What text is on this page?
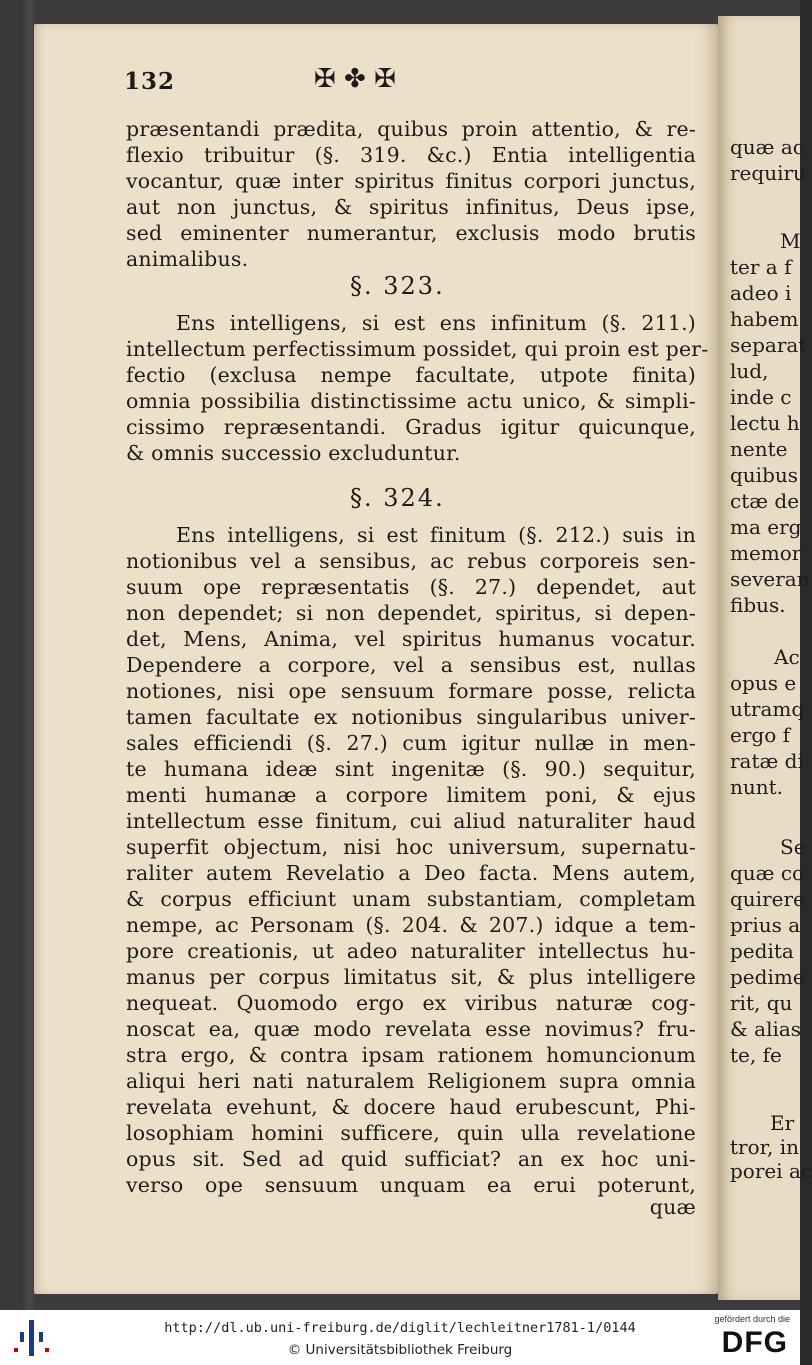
132	✠ ✤ ✠
præsentandi prædita, quibus proin attentio, & re-
flexio tribuitur (§. 319. &c.) Entia intelligentia
vocantur, quæ inter spiritus finitus corpori junctus,
aut non junctus, & spiritus infinitus, Deus ipse,
sed eminenter numerantur, exclusis modo brutis
animalibus.
§. 323.
Ens intelligens, si est ens infinitum (§. 211.)
intellectum perfectissimum possidet, qui proin est per-
fectio (exclusa nempe facultate, utpote finita)
omnia possibilia distinctissime actu unico, & simpli-
cissimo repræsentandi. Gradus igitur quicunque,
& omnis successio excluduntur.
§. 324.
Ens intelligens, si est finitum (§. 212.) suis in
notionibus vel a sensibus, ac rebus corporeis sen-
suum ope repræsentatis (§. 27.) dependet, aut
non dependet; si non dependet, spiritus, si depen-
det, Mens, Anima, vel spiritus humanus vocatur.
Dependere a corpore, vel a sensibus est, nullas
notiones, nisi ope sensuum formare posse, relicta
tamen facultate ex notionibus singularibus univer-
sales efficiendi (§. 27.) cum igitur nullæ in men-
te humana ideæ sint ingenitæ (§. 90.) sequitur,
menti humanæ a corpore limitem poni, & ejus
intellectum esse finitum, cui aliud naturaliter haud
superfit objectum, nisi hoc universum, supernatu-
raliter autem Revelatio a Deo facta. Mens autem,
& corpus efficiunt unam substantiam, completam
nempe, ac Personam (§. 204. & 207.) idque a tem-
pore creationis, ut adeo naturaliter intellectus hu-
manus per corpus limitatus sit, & plus intelligere
nequeat. Quomodo ergo ex viribus naturæ cog-
noscat ea, quæ modo revelata esse novimus? fru-
stra ergo, & contra ipsam rationem homuncionum
aliqui heri nati naturalem Religionem supra omnia
revelata evehunt, & docere haud erubescunt, Phi-
losophiam homini sufficere, quin ulla revelatione
opus sit. Sed ad quid sufficiat? an ex hoc uni-
verso ope sensuum unquam ea erui poterunt,
quæ
quæ ac
requiru
M
ter a f
adeo i
habem
separat
lud,
inde c
lectu h
nente
quibus
ctæ de
ma erg
memor
severan
fibus.
Ac
opus e
utramq
ergo f
ratæ di
nunt.
Se
quæ co
quirere
prius a
pedita
pedime
rit, qu
& alias
te, fe
Er
tror, in
porei ac
http://dl.ub.uni-freiburg.de/diglit/lechleitner1781-1/0144
© Universitätsbibliothek Freiburg
gefördert durch die
DFG
